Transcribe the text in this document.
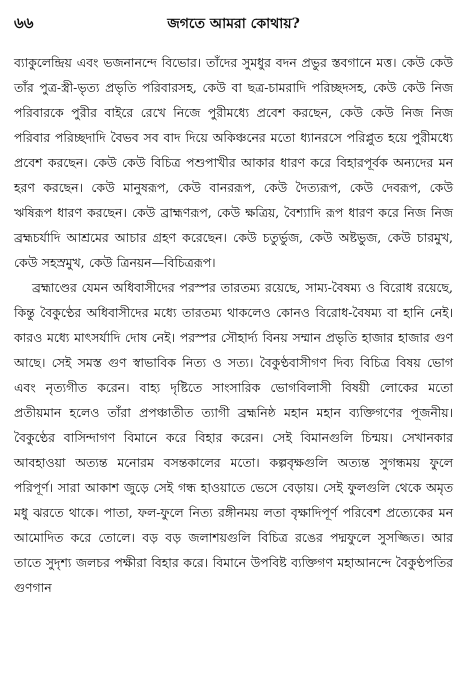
৬৬	জগতে আমরা কোথায়?

ব্যাকুলেন্দ্রিয় এবং ভজনানন্দে বিভোর। তাঁদের সুমধুর বদন প্রভুর স্তবগানে মত্ত। কেউ কেউ তাঁর পুত্র-স্ত্রী-ভৃত্য প্রভৃতি পরিবারসহ, কেউ বা ছত্র-চামরাদি পরিচ্ছদসহ, কেউ কেউ নিজ পরিবারকে পুরীর বাইরে রেখে নিজে পুরীমধ্যে প্রবেশ করছেন, কেউ কেউ নিজ নিজ পরিবার পরিচ্ছদাদি বৈভব সব বাদ দিয়ে অকিঞ্চনের মতো ধ্যানরসে পরিপ্লুত হয়ে পুরীমধ্যে প্রবেশ করছেন। কেউ কেউ বিচিত্র পশুপাখীর আকার ধারণ করে বিহারপূর্বক অন্যদের মন হরণ করছেন। কেউ মানুষরূপ, কেউ বানররূপ, কেউ দৈত্যরূপ, কেউ দেবরূপ, কেউ ঋষিরূপ ধারণ করছেন। কেউ ব্রাহ্মণরূপ, কেউ ক্ষত্রিয়, বৈশ্যাদি রূপ ধারণ করে নিজ নিজ ব্রহ্মচর্যাদি আশ্রমের আচার গ্রহণ করেছেন। কেউ চতুর্ভুজ, কেউ অষ্টভুজ, কেউ চারমুখ, কেউ সহস্রমুখ, কেউ ত্রিনয়ন—বিচিত্ররূপ।

ব্রহ্মাণ্ডের যেমন অধিবাসীদের পরস্পর তারতম্য রয়েছে, সাম্য-বৈষম্য ও বিরোধ রয়েছে, কিন্তু বৈকুণ্ঠের অধিবাসীদের মধ্যে তারতম্য থাকলেও কোনও বিরোধ-বৈষম্য বা হানি নেই। কারও মধ্যে মাৎসর্যাদি দোষ নেই। পরস্পর সৌহার্দ্য বিনয় সম্মান প্রভৃতি হাজার হাজার গুণ আছে। সেই সমস্ত গুণ স্বাভাবিক নিত্য ও সত্য। বৈকুণ্ঠবাসীগণ দিব্য বিচিত্র বিষয় ভোগ এবং নৃত্যগীত করেন। বাহ্য দৃষ্টিতে সাংসারিক ভোগবিলাসী বিষয়ী লোকের মতো প্রতীয়মান হলেও তাঁরা প্রপঞ্চাতীত ত্যাগী ব্রহ্মনিষ্ঠ মহান মহান ব্যক্তিগণের পূজনীয়। বৈকুণ্ঠের বাসিন্দাগণ বিমানে করে বিহার করেন। সেই বিমানগুলি চিন্ময়। সেখানকার আবহাওয়া অত্যন্ত মনোরম বসন্তকালের মতো। কল্পবৃক্ষগুলি অত্যন্ত সুগন্ধময় ফুলে পরিপূর্ণ। সারা আকাশ জুড়ে সেই গন্ধ হাওয়াতে ভেসে বেড়ায়। সেই ফুলগুলি থেকে অমৃত মধু ঝরতে থাকে। পাতা, ফল-ফুলে নিত্য রঙ্গীনময় লতা বৃক্ষাদিপূর্ণ পরিবেশ প্রত্যেকের মন আমোদিত করে তোলে। বড় বড় জলাশয়গুলি বিচিত্র রঙের পদ্মফুলে সুসজ্জিত। আর তাতে সুদৃশ্য জলচর পক্ষীরা বিহার করে। বিমানে উপবিষ্ট ব্যক্তিগণ মহাআনন্দে বৈকুণ্ঠপতির গুণগান
